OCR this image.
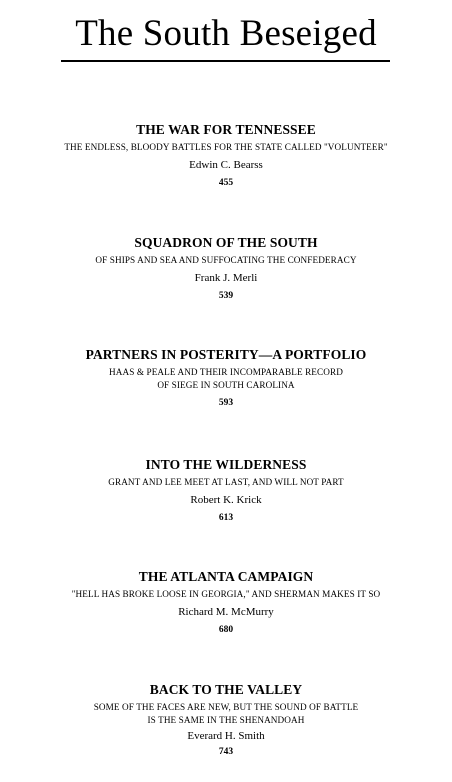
The South Beseiged
THE WAR FOR TENNESSEE
THE ENDLESS, BLOODY BATTLES FOR THE STATE CALLED "VOLUNTEER"
Edwin C. Bearss
455
SQUADRON OF THE SOUTH
OF SHIPS AND SEA AND SUFFOCATING THE CONFEDERACY
Frank J. Merli
539
PARTNERS IN POSTERITY—A PORTFOLIO
HAAS & PEALE AND THEIR INCOMPARABLE RECORD
OF SIEGE IN SOUTH CAROLINA
593
INTO THE WILDERNESS
GRANT AND LEE MEET AT LAST, AND WILL NOT PART
Robert K. Krick
613
THE ATLANTA CAMPAIGN
"HELL HAS BROKE LOOSE IN GEORGIA," AND SHERMAN MAKES IT SO
Richard M. McMurry
680
BACK TO THE VALLEY
SOME OF THE FACES ARE NEW, BUT THE SOUND OF BATTLE
IS THE SAME IN THE SHENANDOAH
Everard H. Smith
743
